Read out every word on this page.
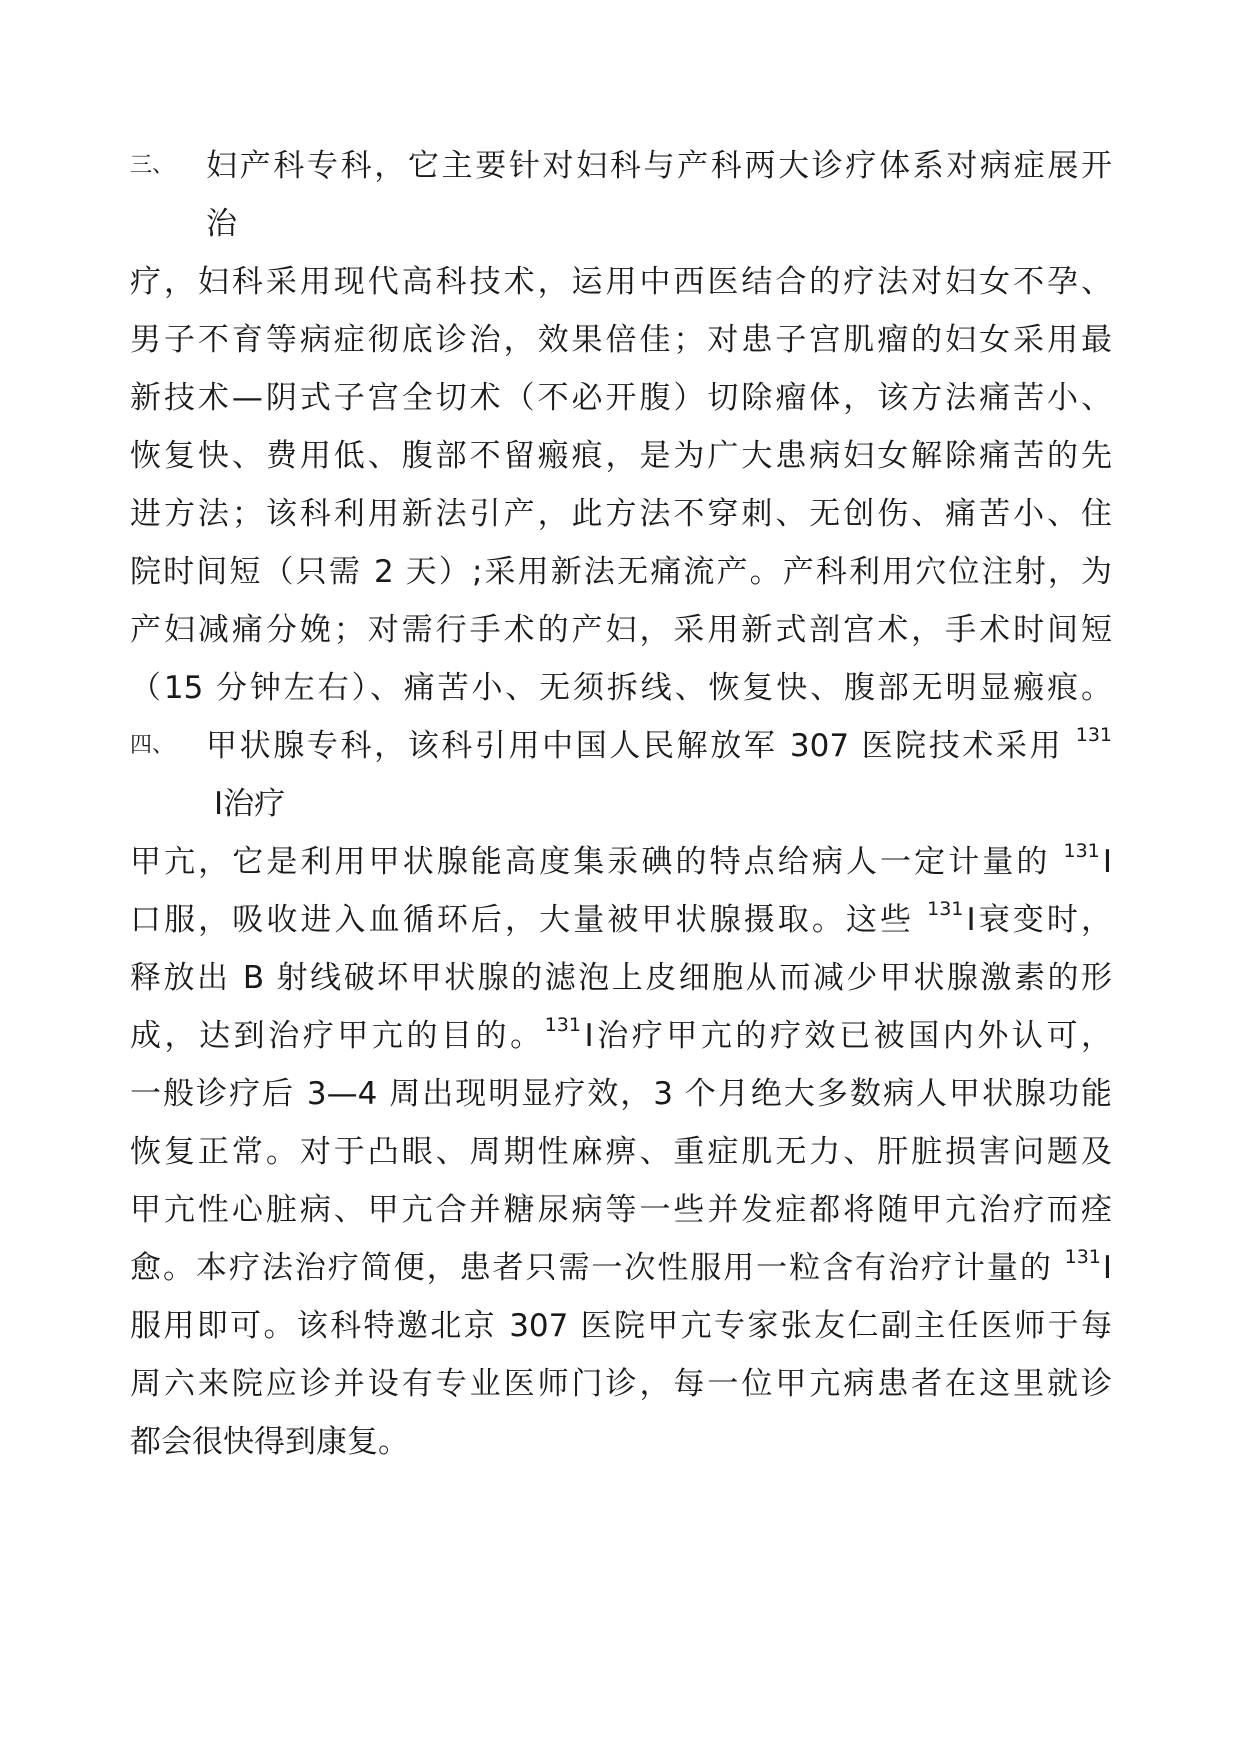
三、 妇产科专科，它主要针对妇科与产科两大诊疗体系对病症展开
治
疗，妇科采用现代高科技术，运用中西医结合的疗法对妇女不孕、
男子不育等病症彻底诊治，效果倍佳；对患子宫肌瘤的妇女采用最
新技术—阴式子宫全切术（不必开腹）切除瘤体，该方法痛苦小、
恢复快、费用低、腹部不留瘢痕，是为广大患病妇女解除痛苦的先
进方法；该科利用新法引产，此方法不穿刺、无创伤、痛苦小、住
院时间短（只需 2 天）;采用新法无痛流产。产科利用穴位注射，为
产妇减痛分娩；对需行手术的产妇，采用新式剖宫术，手术时间短
（15 分钟左右）、痛苦小、无须拆线、恢复快、腹部无明显瘢痕。
四、 甲状腺专科，该科引用中国人民解放军 307 医院技术采用 $^{131}$
Ⅰ治疗
甲亢，它是利用甲状腺能高度集汞碘的特点给病人一定计量的 $^{131}$Ⅰ
口服，吸收进入血循环后，大量被甲状腺摄取。这些 $^{131}$Ⅰ衰变时，
释放出 B 射线破坏甲状腺的滤泡上皮细胞从而减少甲状腺激素的形
成，达到治疗甲亢的目的。$^{131}$Ⅰ治疗甲亢的疗效已被国内外认可，
一般诊疗后 3—4 周出现明显疗效，3 个月绝大多数病人甲状腺功能
恢复正常。对于凸眼、周期性麻痹、重症肌无力、肝脏损害问题及
甲亢性心脏病、甲亢合并糖尿病等一些并发症都将随甲亢治疗而痊
愈。本疗法治疗简便，患者只需一次性服用一粒含有治疗计量的 $^{131}$Ⅰ
服用即可。该科特邀北京 307 医院甲亢专家张友仁副主任医师于每
周六来院应诊并设有专业医师门诊，每一位甲亢病患者在这里就诊
都会很快得到康复。
